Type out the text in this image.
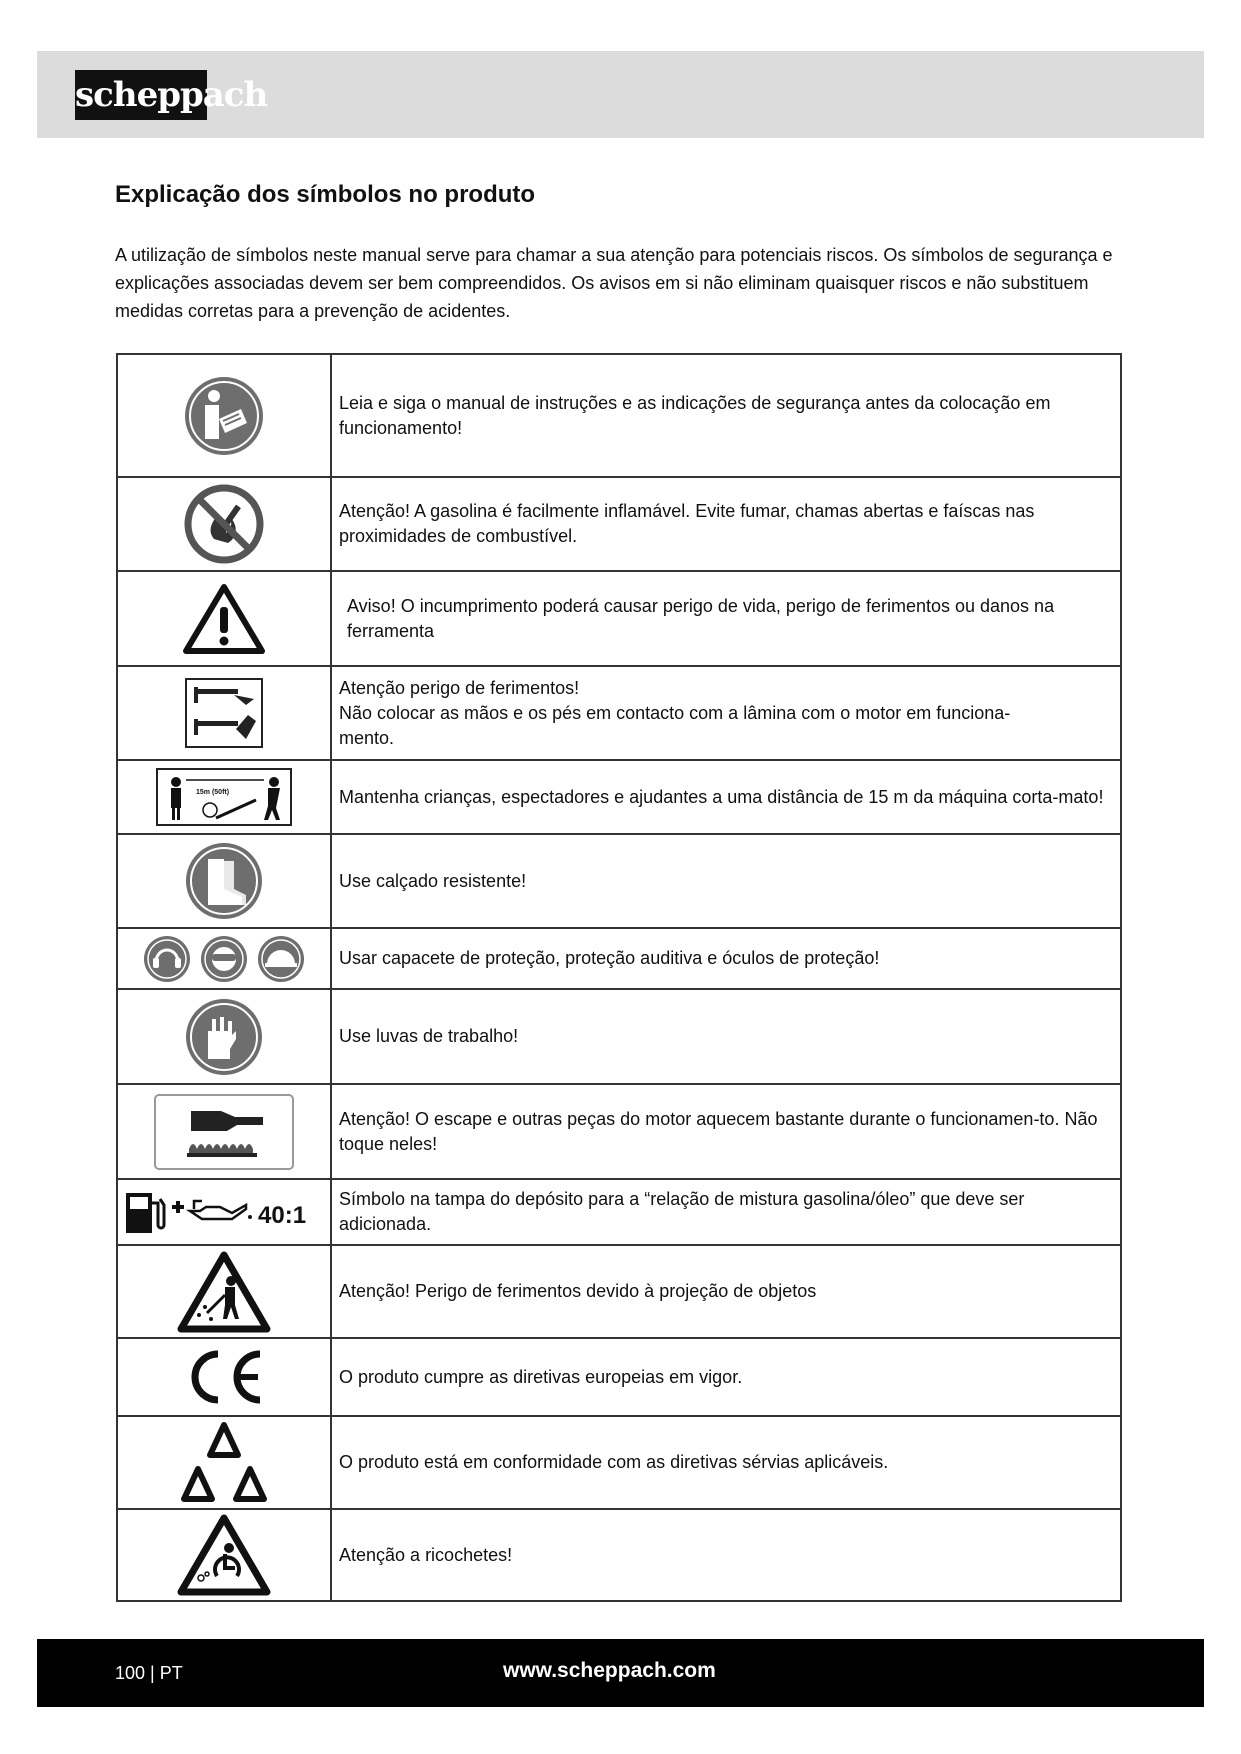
scheppach
Explicação dos símbolos no produto
A utilização de símbolos neste manual serve para chamar a sua atenção para potenciais riscos. Os símbolos de segurança e explicações associadas devem ser bem compreendidos. Os avisos em si não eliminam quaisquer riscos e não substituem medidas corretas para a prevenção de acidentes.
Leia e siga o manual de instruções e as indicações de segurança antes da colocação em funcionamento!
Atenção! A gasolina é facilmente inflamável. Evite fumar, chamas abertas e faíscas nas proximidades de combustível.
Aviso! O incumprimento poderá causar perigo de vida, perigo de ferimentos ou danos na ferramenta
Atenção perigo de ferimentos!
Não colocar as mãos e os pés em contacto com a lâmina com o motor em funciona-
mento.
15m (50ft)	Mantenha crianças, espectadores e ajudantes a uma distância de 15 m da máquina corta-mato!
Use calçado resistente!
Usar capacete de proteção, proteção auditiva e óculos de proteção!
Use luvas de trabalho!
Atenção! O escape e outras peças do motor aquecem bastante durante o funcionamen-to. Não toque neles!
40:1
Símbolo na tampa do depósito para a “relação de mistura gasolina/óleo” que deve ser adicionada.
Atenção! Perigo de ferimentos devido à projeção de objetos
O produto cumpre as diretivas europeias em vigor.
O produto está em conformidade com as diretivas sérvias aplicáveis.
Atenção a ricochetes!
100 | PT	www.scheppach.com
